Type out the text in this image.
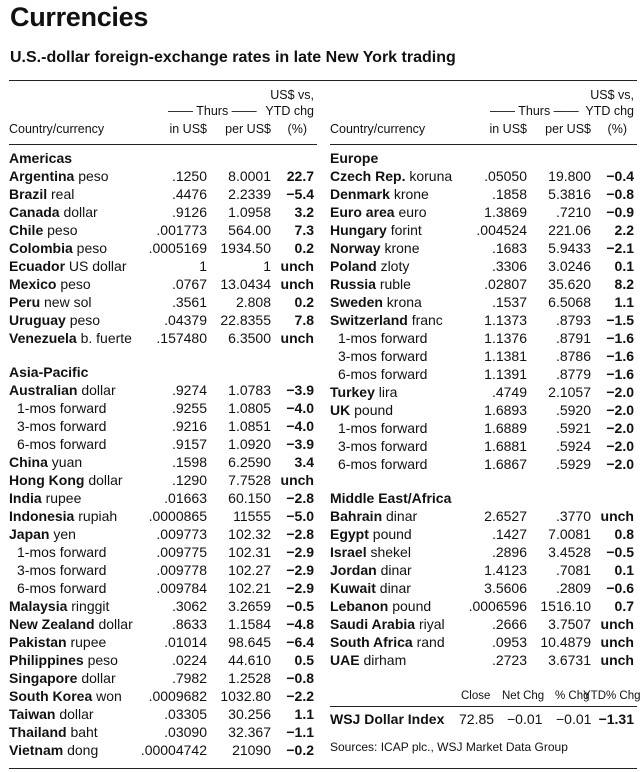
Currencies
U.S.-dollar foreign-exchange rates in late New York trading
US$ vs,
—— Thurs —— YTD chg
Country/currency	in US$ per US$ (%)
Americas
Argentina peso	.1250 8.0001 22.7
Brazil real	.4476 2.2339 −5.4
Canada dollar	.9126 1.0958 3.2
Chile peso	.001773 564.00 7.3
Colombia peso	.0005169 1934.50 0.2
Ecuador US dollar	1	1 unch
Mexico peso	.0767 13.0434 unch
Peru new sol	.3561 2.808 0.2
Uruguay peso	.04379 22.8355 7.8
Venezuela b. fuerte .157480 6.3500 unch
Asia-Pacific
Australian dollar	.9274 1.0783 −3.9
1-mos forward	.9255 1.0805 −4.0
3-mos forward	.9216 1.0851 −4.0
6-mos forward	.9157 1.0920 −3.9
China yuan	.1598 6.2590 3.4
Hong Kong dollar	.1290 7.7528 unch
India rupee	.01663 60.150 −2.8
Indonesia rupiah .0000865 11555 −5.0
Japan yen	.009773 102.32 −2.8
1-mos forward	.009775 102.31 −2.9
3-mos forward	.009778 102.27 −2.9
6-mos forward	.009784 102.21 −2.9
Malaysia ringgit	.3062 3.2659 −0.5
New Zealand dollar	.8633 1.1584 −4.8
Pakistan rupee	.01014 98.645 −6.4
Philippines peso	.0224 44.610 0.5
Singapore dollar	.7982 1.2528 −0.8
South Korea won .0009682 1032.80 −2.2
Taiwan dollar	.03305 30.256 1.1
Thailand baht	.03090 32.367 −1.1
Vietnam dong	.00004742 21090 −0.2
US$ vs,
—— Thurs —— YTD chg
Country/currency	in US$ per US$ (%)
Europe
Czech Rep. koruna .05050 19.800 −0.4
Denmark krone	.1858 5.3816 −0.8
Euro area euro	1.3869 .7210 −0.9
Hungary forint	.004524 221.06 2.2
Norway krone	.1683 5.9433 −2.1
Poland zloty	.3306 3.0246 0.1
Russia ruble	.02807 35.620 8.2
Sweden krona	.1537 6.5068 1.1
Switzerland franc	1.1373 .8793 −1.5
1-mos forward	1.1376 .8791 −1.6
3-mos forward	1.1381 .8786 −1.6
6-mos forward	1.1391 .8779 −1.6
Turkey lira	.4749 2.1057 −2.0
UK pound	1.6893 .5920 −2.0
1-mos forward	1.6889 .5921 −2.0
3-mos forward	1.6881 .5924 −2.0
6-mos forward	1.6867 .5929 −2.0
Middle East/Africa
Bahrain dinar	2.6527 .3770 unch
Egypt pound	.1427 7.0081 0.8
Israel shekel	.2896 3.4528 −0.5
Jordan dinar	1.4123 .7081 0.1
Kuwait dinar	3.5606 .2809 −0.6
Lebanon pound	.0006596 1516.10 0.7
Saudi Arabia riyal	.2666 3.7507 unch
South Africa rand	.0953 10.4879 unch
UAE dirham	.2723 3.6731 unch
Close Net Chg % Chg
YTD% Chg
WSJ Dollar Index 72.85 −0.01 −0.01 −1.31
Sources: ICAP plc., WSJ Market Data Group
